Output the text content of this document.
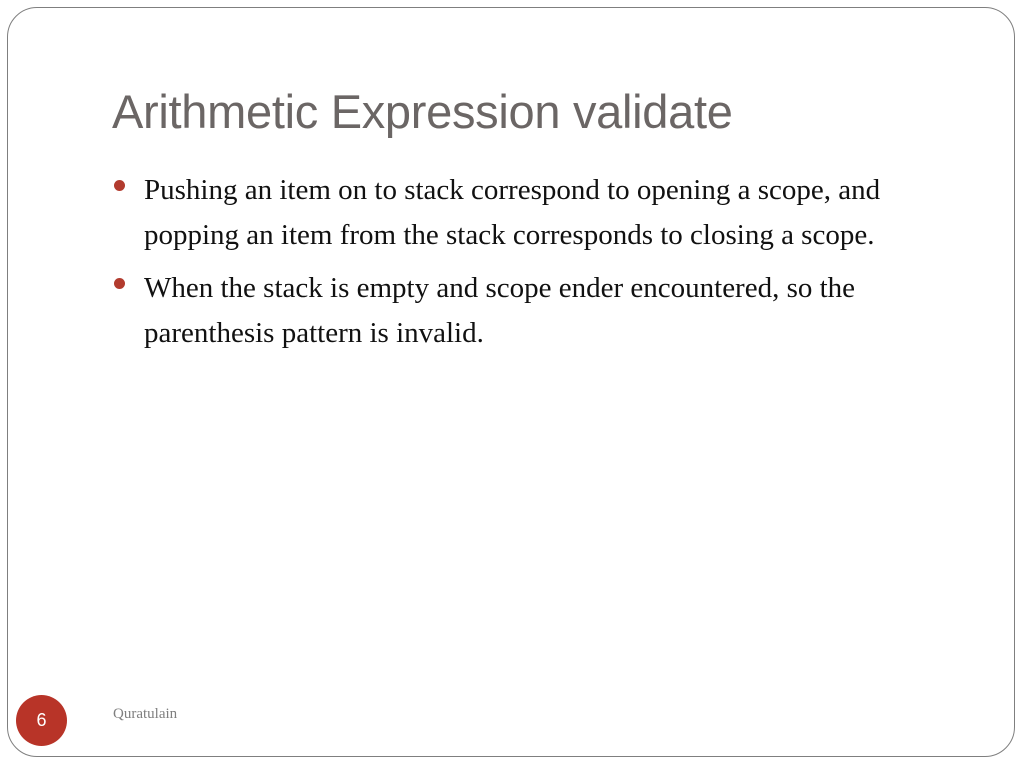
Arithmetic Expression validate
Pushing an item on to stack correspond to opening a scope, and popping an item from the stack corresponds to closing a scope.
When the stack is empty and scope ender encountered, so the parenthesis pattern is invalid.
6	Quratulain
